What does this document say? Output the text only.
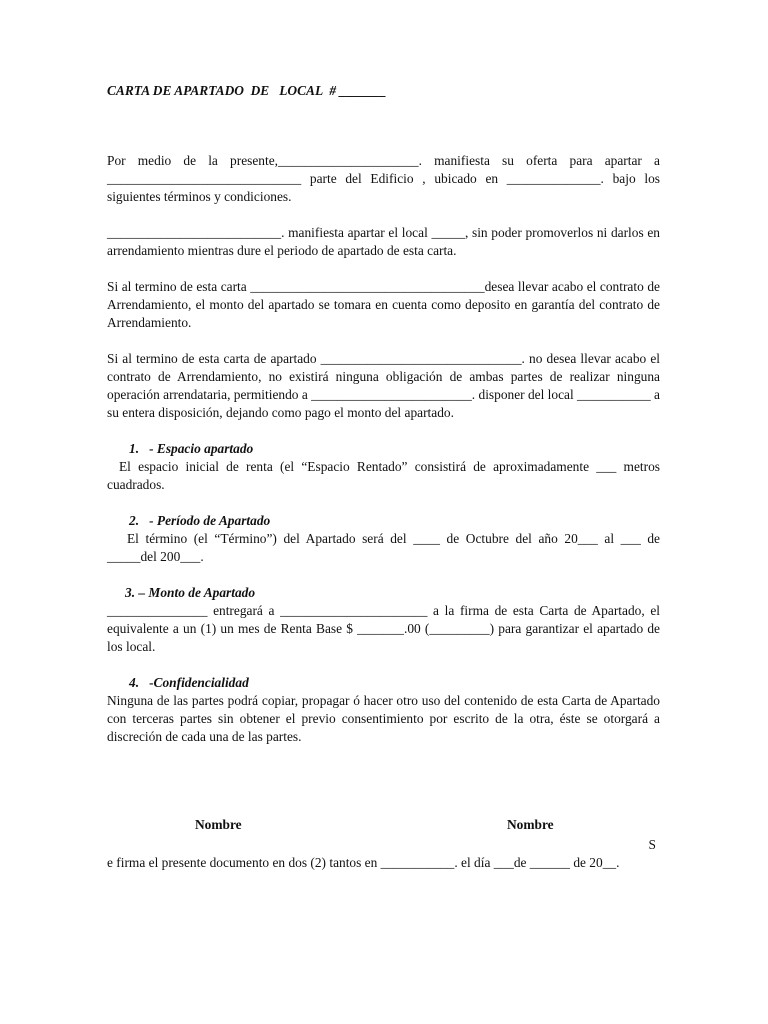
CARTA DE APARTADO  DE   LOCAL  # _______

Por medio de la presente,_____________________. manifiesta su oferta para apartar a _____________________________ parte del Edificio , ubicado en ______________. bajo los siguientes términos y condiciones.

__________________________. manifiesta apartar el local _____, sin poder promoverlos ni darlos en arrendamiento mientras dure el periodo de apartado de esta carta.

Si al termino de esta carta ___________________________________desea llevar acabo el contrato de Arrendamiento, el monto del apartado se tomara en cuenta como deposito en garantía del contrato de Arrendamiento.

Si al termino de esta carta de apartado ______________________________. no desea llevar acabo el contrato de Arrendamiento, no existirá ninguna obligación de ambas partes de realizar ninguna operación arrendataria, permitiendo a ________________________. disponer del local ___________ a su entera disposición, dejando como pago el monto del apartado.

1.   - Espacio apartado

El espacio inicial de renta (el “Espacio Rentado” consistirá de aproximadamente ___ metros cuadrados.

2.   - Período de Apartado

El término (el “Término”) del Apartado será del ____ de Octubre del año 20___ al ___ de _____del 200___.

3. – Monto de Apartado

_______________ entregará a ______________________ a la firma de esta Carta de Apartado, el equivalente a un (1) un mes de Renta Base $ _______.00 (_________) para garantizar el apartado de los local.

4.   -Confidencialidad

Ninguna de las partes podrá copiar, propagar ó hacer otro uso del contenido de esta Carta de Apartado con terceras partes sin obtener el previo consentimiento por escrito de la otra, éste se otorgará a discreción de cada una de las partes.

Nombre	Nombre
S

e firma el presente documento en dos (2) tantos en ___________. el día ___de ______ de 20__.
